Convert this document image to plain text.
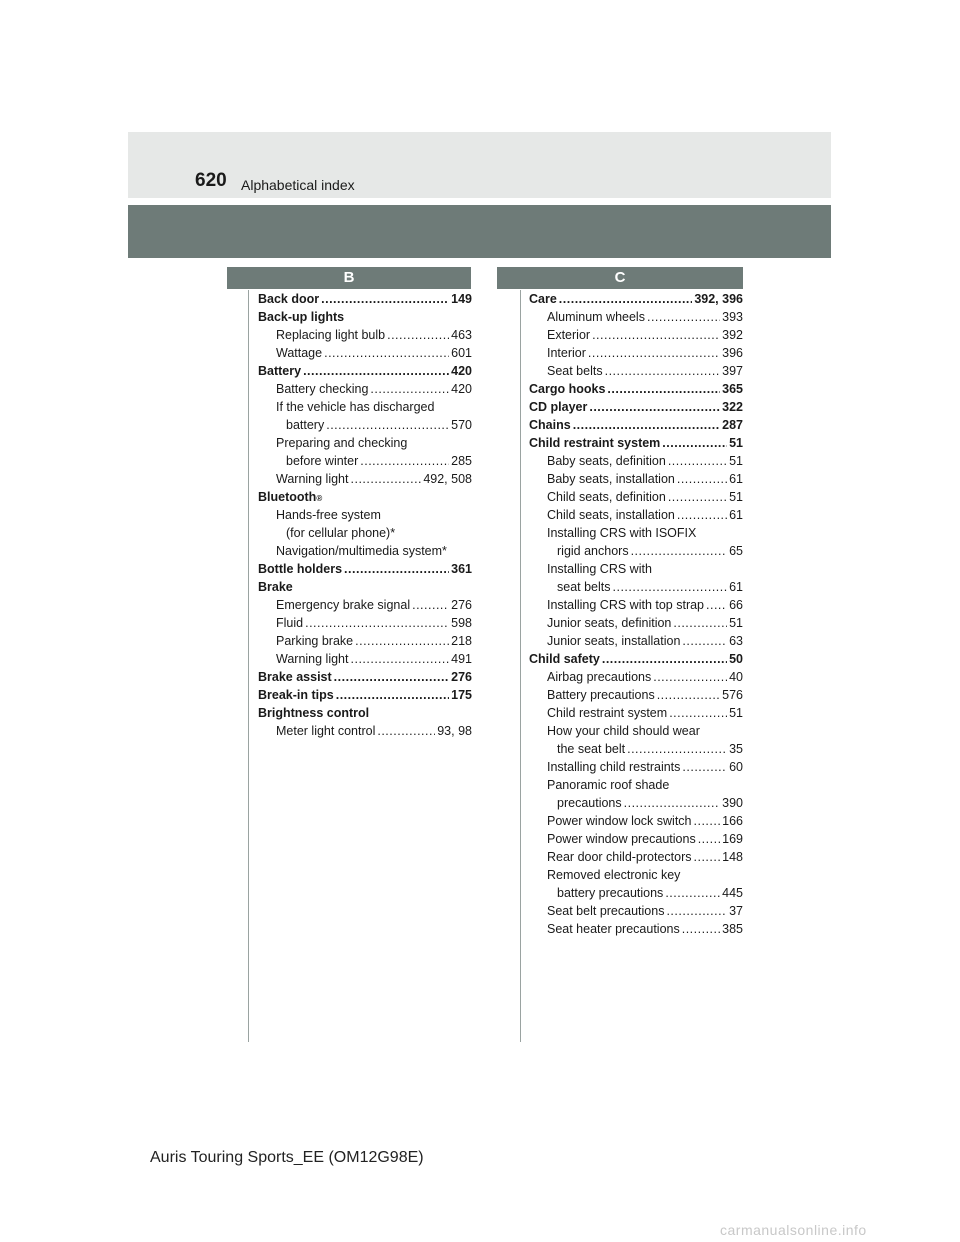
620 Alphabetical index
B	C
Back door .....	149
Back-up lights
Replacing light bulb .....	463
Wattage .....	601
Battery .....	420
Battery checking .....	420
If the vehicle has discharged
battery .....	570
Preparing and checking
before winter .....	285
Warning light .....	492, 508
Bluetooth ®
Hands-free system
(for cellular phone)*
Navigation/multimedia system*
Bottle holders .....	361
Brake
Emergency brake signal .....	276
Fluid .....	598
Parking brake .....	218
Warning light .....	491
Brake assist .....	276
Break-in tips .....	175
Brightness control
Meter light control .....	93, 98
Care .....	392, 396
Aluminum wheels .....	393
Exterior .....	392
Interior .....	396
Seat belts .....	397
Cargo hooks .....	365
CD player .....	322
Chains .....	287
Child restraint system .....	51
Baby seats, definition .....	51
Baby seats, installation .....	61
Child seats, definition .....	51
Child seats, installation .....	61
Installing CRS with ISOFIX
rigid anchors .....	65
Installing CRS with
seat belts .....	61
Installing CRS with top strap ..... 66
Junior seats, definition .....	51
Junior seats, installation .....	63
Child safety .....	50
Airbag precautions .....	40
Battery precautions .....	576
Child restraint system .....	51
How your child should wear
the seat belt .....	35
Installing child restraints .....	60
Panoramic roof shade
precautions .....	390
Power window lock switch ..... 166
Power window precautions ..... 169
Rear door child-protectors ..... 148
Removed electronic key
battery precautions .....	445
Seat belt precautions .....	37
Seat heater precautions .....	385
Auris Touring Sports_EE (OM12G98E)
carmanualsonline.info
